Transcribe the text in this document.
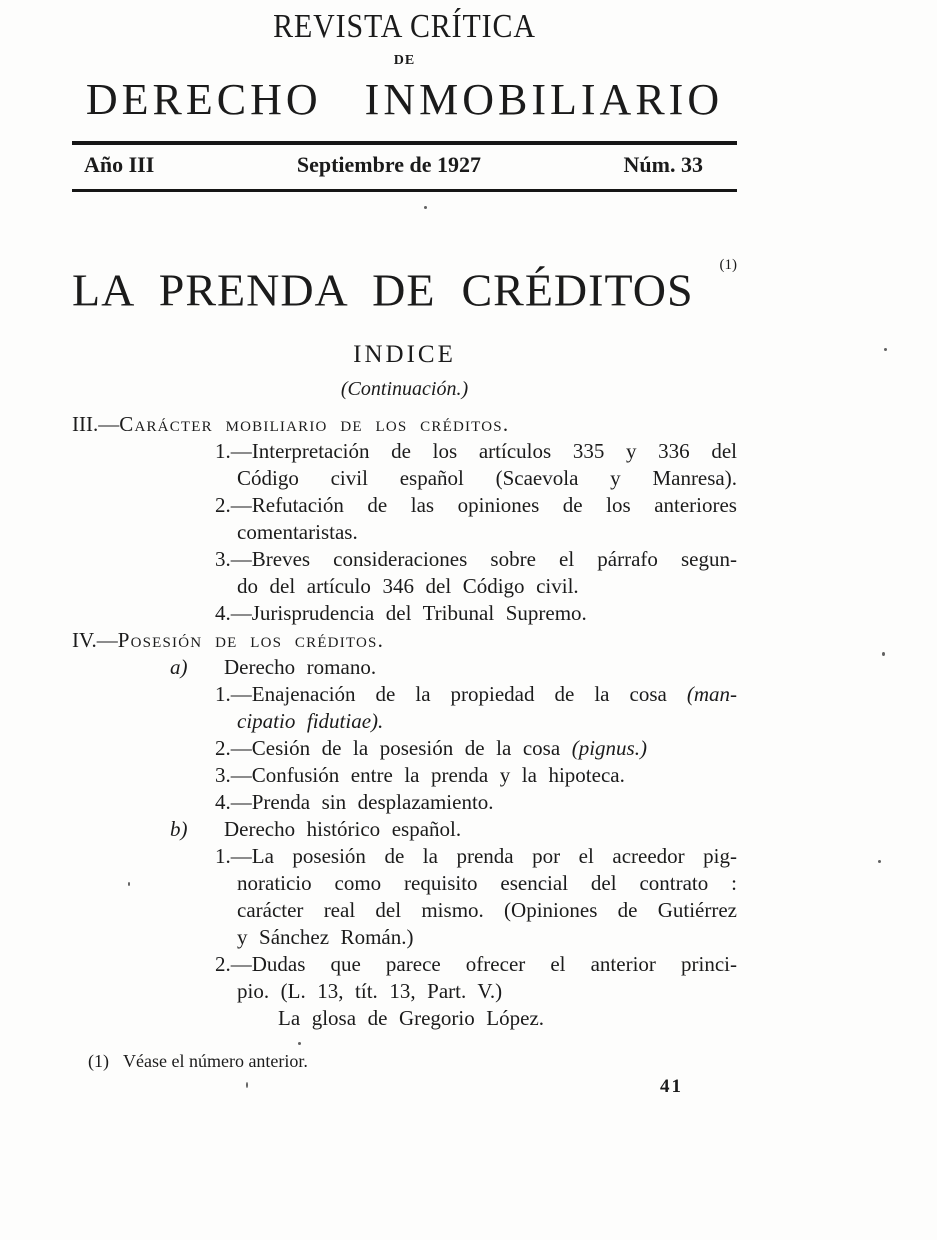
REVISTA CRÍTICA
DE
DERECHO INMOBILIARIO
Año III	Septiembre de 1927	Núm. 33
LA PRENDA DE CRÉDITOS $^{(1)}$
INDICE
(Continuación.)
III.—Carácter mobiliario de los créditos.
1.—Interpretación de los artículos 335 y 336 del
Código civil español (Scaevola y Manresa).
2.—Refutación de las opiniones de los anteriores
comentaristas.
3.—Breves consideraciones sobre el párrafo segun-
do del artículo 346 del Código civil.
4.—Jurisprudencia del Tribunal Supremo.
IV.—Posesión de los créditos.
a) Derecho romano.
1.—Enajenación de la propiedad de la cosa (man-
cipatio fidutiae).
2.—Cesión de la posesión de la cosa (pignus.)
3.—Confusión entre la prenda y la hipoteca.
4.—Prenda sin desplazamiento.
b) Derecho histórico español.
1.—La posesión de la prenda por el acreedor pig-
noraticio como requisito esencial del contrato :
carácter real del mismo. (Opiniones de Gutiérrez
y Sánchez Román.)
2.—Dudas que parece ofrecer el anterior princi-
pio. (L. 13, tít. 13, Part. V.)
La glosa de Gregorio López.
(1) Véase el número anterior.
41
